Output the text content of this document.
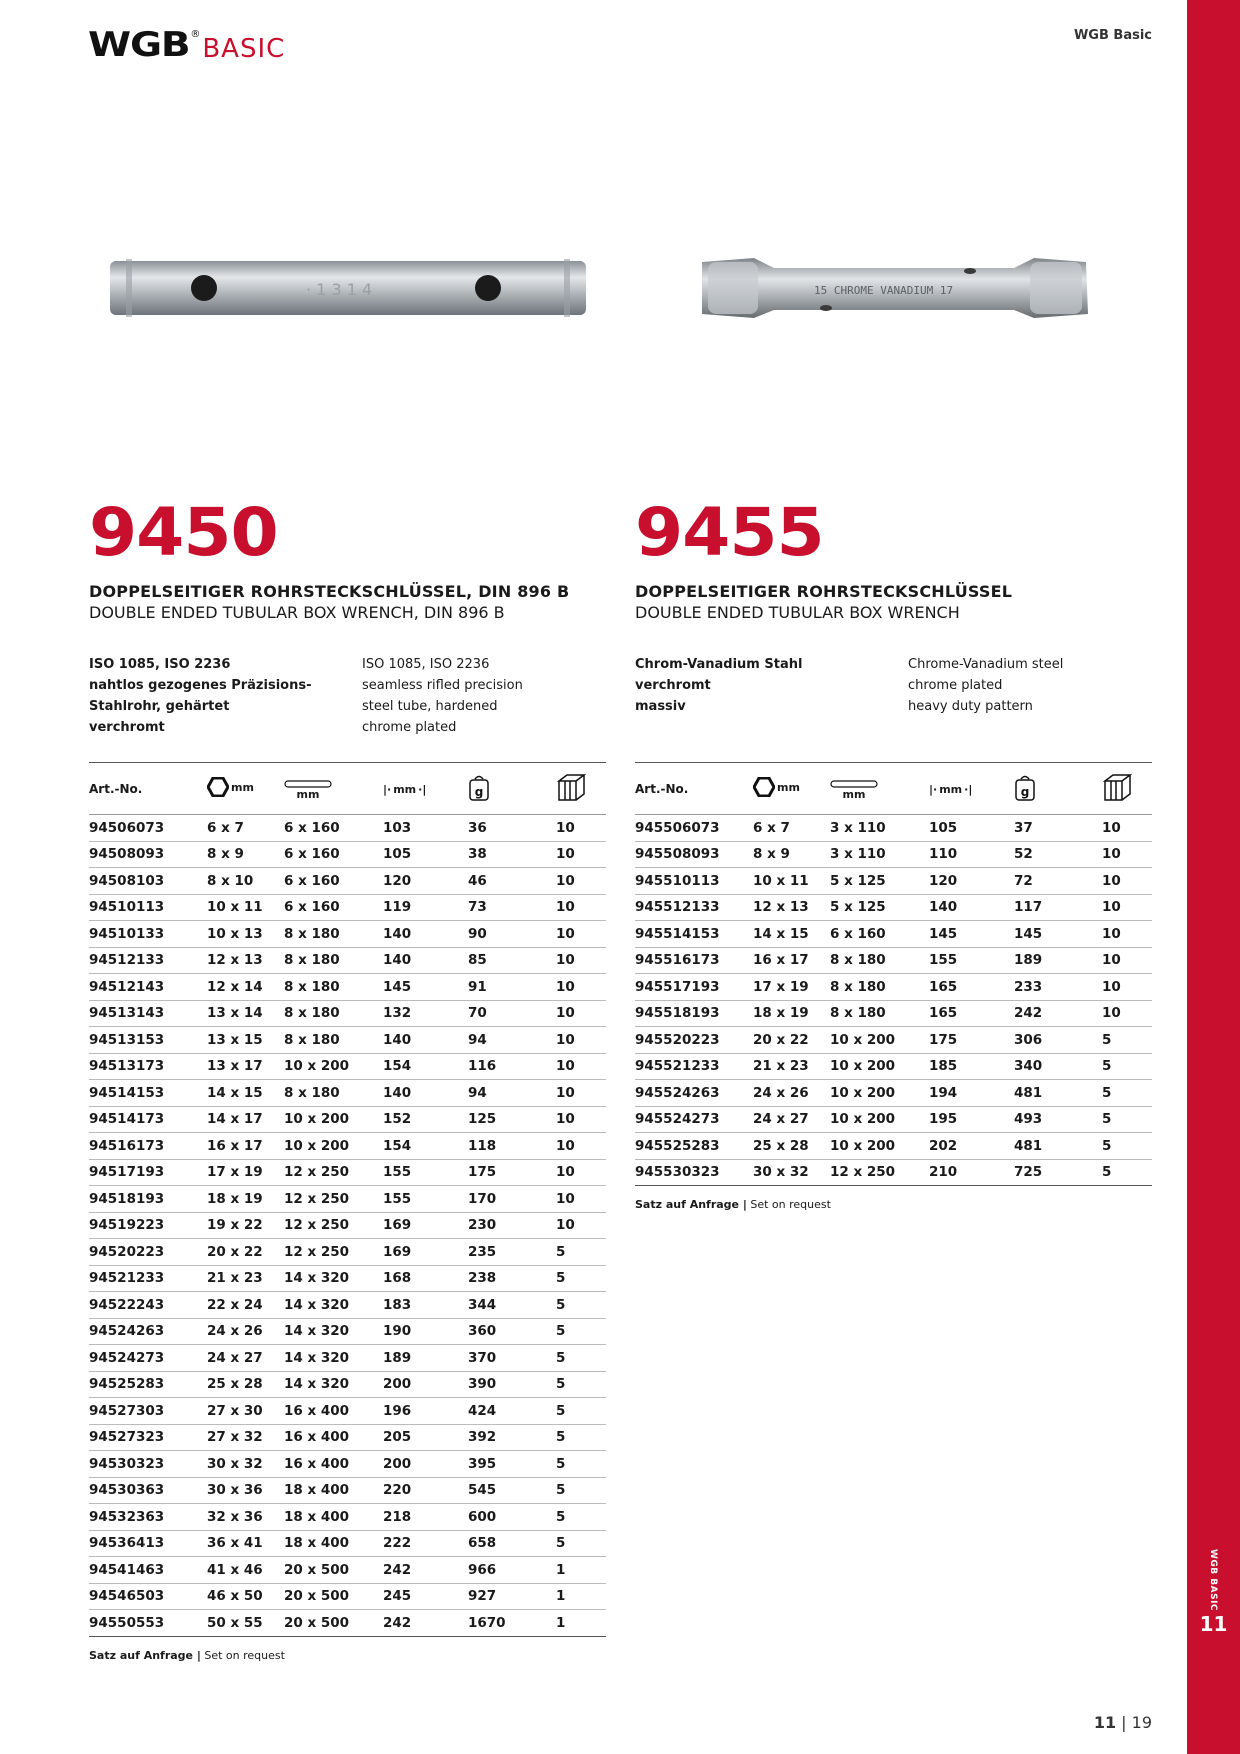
WGB ® BASIC	WGB Basic
WGB BASIC
11
· 1 3 1 4	15 CHROME VANADIUM 17
9450
DOPPELSEITIGER ROHRSTECKSCHLÜSSEL, DIN 896 B
DOUBLE ENDED TUBULAR BOX WRENCH, DIN 896 B
ISO 1085, ISO 2236
nahtlos gezogenes Präzisions-
Stahlrohr, gehärtet
verchromt
ISO 1085, ISO 2236
seamless rifled precision
steel tube, hardened
chrome plated
Art.-No.	mm	mm	|· mm ·|	g

94506073	6 x 7	6 x 160	103	36	10
94508093	8 x 9	6 x 160	105	38	10
94508103	8 x 10	6 x 160	120	46	10
94510113	10 x 11	6 x 160	119	73	10
94510133	10 x 13	8 x 180	140	90	10
94512133	12 x 13	8 x 180	140	85	10
94512143	12 x 14	8 x 180	145	91	10
94513143	13 x 14	8 x 180	132	70	10
94513153	13 x 15	8 x 180	140	94	10
94513173	13 x 17	10 x 200	154	116	10
94514153	14 x 15	8 x 180	140	94	10
94514173	14 x 17	10 x 200	152	125	10
94516173	16 x 17	10 x 200	154	118	10
94517193	17 x 19	12 x 250	155	175	10
94518193	18 x 19	12 x 250	155	170	10
94519223	19 x 22	12 x 250	169	230	10
94520223	20 x 22	12 x 250	169	235	5
94521233	21 x 23	14 x 320	168	238	5
94522243	22 x 24	14 x 320	183	344	5
94524263	24 x 26	14 x 320	190	360	5
94524273	24 x 27	14 x 320	189	370	5
94525283	25 x 28	14 x 320	200	390	5
94527303	27 x 30	16 x 400	196	424	5
94527323	27 x 32	16 x 400	205	392	5
94530323	30 x 32	16 x 400	200	395	5
94530363	30 x 36	18 x 400	220	545	5
94532363	32 x 36	18 x 400	218	600	5
94536413	36 x 41	18 x 400	222	658	5
94541463	41 x 46	20 x 500	242	966	1
94546503	46 x 50	20 x 500	245	927	1
94550553	50 x 55	20 x 500	242	1670	1
Satz auf Anfrage | Set on request
9455
DOPPELSEITIGER ROHRSTECKSCHLÜSSEL
DOUBLE ENDED TUBULAR BOX WRENCH
Chrom-Vanadium Stahl
verchromt
massiv
Chrome-Vanadium steel
chrome plated
heavy duty pattern
Art.-No.	mm	mm	|· mm ·|	g

945506073	6 x 7	3 x 110	105	37	10
945508093	8 x 9	3 x 110	110	52	10
945510113	10 x 11	5 x 125	120	72	10
945512133	12 x 13	5 x 125	140	117	10
945514153	14 x 15	6 x 160	145	145	10
945516173	16 x 17	8 x 180	155	189	10
945517193	17 x 19	8 x 180	165	233	10
945518193	18 x 19	8 x 180	165	242	10
945520223	20 x 22	10 x 200	175	306	5
945521233	21 x 23	10 x 200	185	340	5
945524263	24 x 26	10 x 200	194	481	5
945524273	24 x 27	10 x 200	195	493	5
945525283	25 x 28	10 x 200	202	481	5
945530323	30 x 32	12 x 250	210	725	5
Satz auf Anfrage | Set on request
11 | 19
